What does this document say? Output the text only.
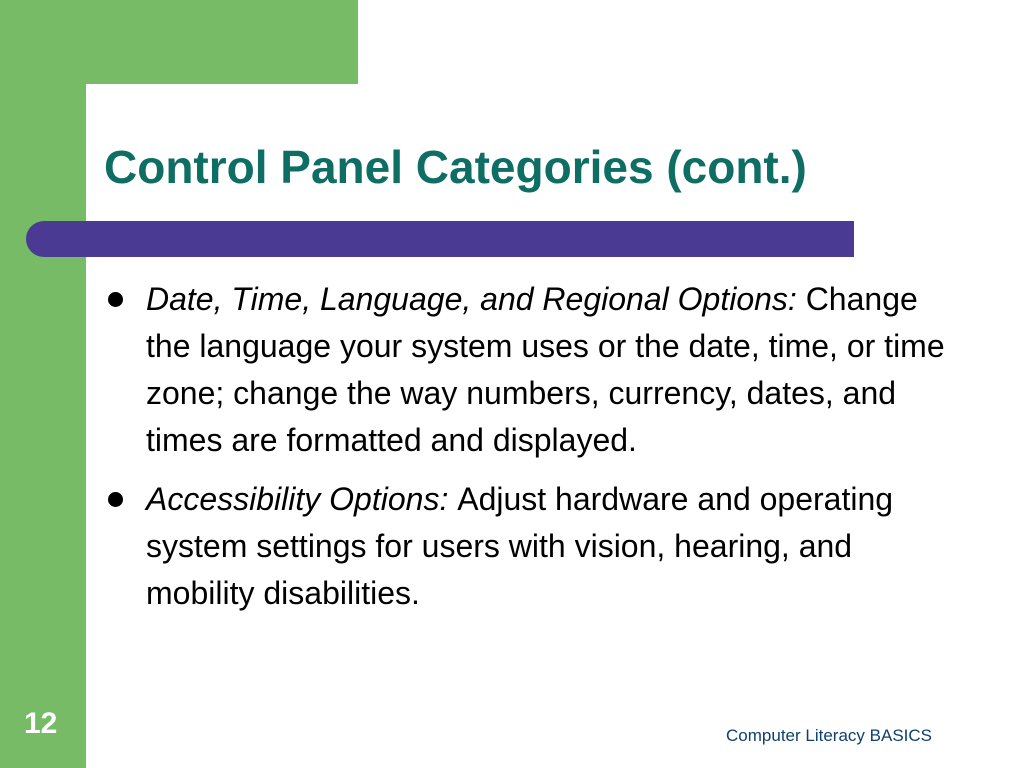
Control Panel Categories (cont.)
Date, Time, Language, and Regional Options: Change the language your system uses or the date, time, or time zone; change the way numbers, currency, dates, and times are formatted and displayed.
Accessibility Options: Adjust hardware and operating system settings for users with vision, hearing, and mobility disabilities.
12	Computer Literacy BASICS
